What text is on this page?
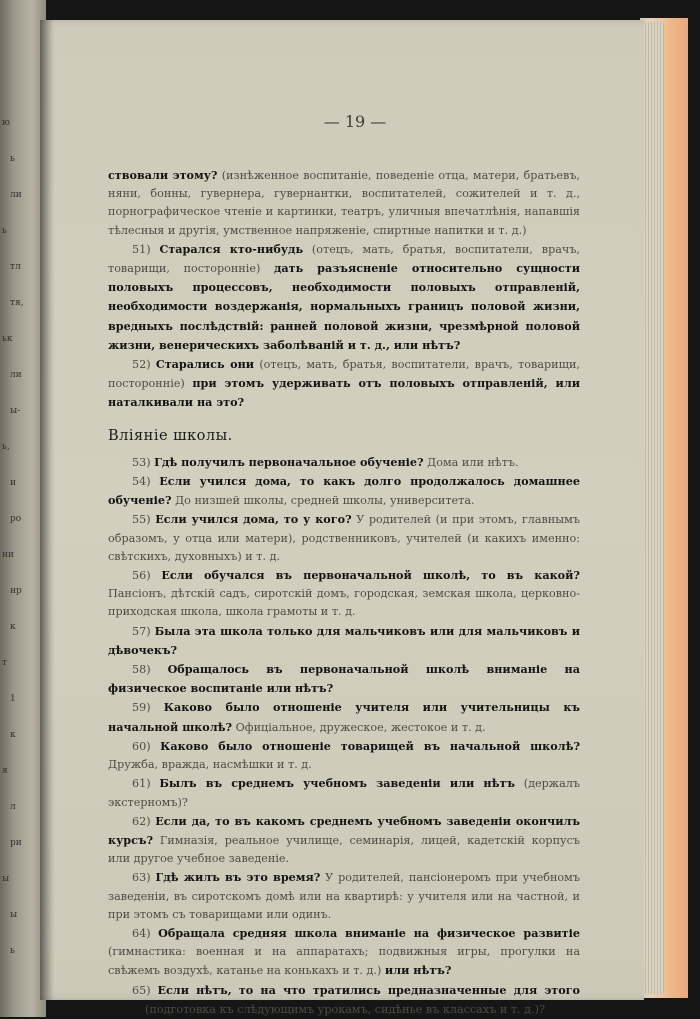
ю
ь
ли
ь
тл
тя,
ьк
ли
ы-
ь,
и
ро
ни
нр
к
т
1
к
я
л
ри
ы
ы
ь
— 19 —

ствовали этому? (изнѣженное воспитаніе, поведеніе отца, матери, братьевъ, няни, бонны, гувернера, гувернантки, воспитателей, сожителей и т. д., порнографическое чтеніе и картинки, театръ, уличныя впечатлѣнія, напавшія тѣлесныя и другія, умственное напряженіе, спиртные напитки и т. д.)

51) Старался кто-нибудь (отецъ, мать, братья, воспитатели, врачъ, товарищи, посторонніе) дать разъясненіе относительно сущности половыхъ процессовъ, необходимости половыхъ отправленій, необходимости воздержанія, нормальныхъ границъ половой жизни, вредныхъ послѣдствій: ранней половой жизни, чрезмѣрной половой жизни, венерическихъ заболѣваній и т. д., или нѣтъ?

52) Старались они (отецъ, мать, братья, воспитатели, врачъ, товарищи, посторонніе) при этомъ удерживать отъ половыхъ отправленій, или наталкивали на это?

Вліяніе школы.

53) Гдѣ получилъ первоначальное обученіе? Дома или нѣтъ.

54) Если учился дома, то какъ долго продолжалось домашнее обученіе? До низшей школы, средней школы, университета.

55) Если учился дома, то у кого? У родителей (и при этомъ, главнымъ образомъ, у отца или матери), родственниковъ, учителей (и какихъ именно: свѣтскихъ, духовныхъ) и т. д.

56) Если обучался въ первоначальной школѣ, то въ какой? Пансіонъ, дѣтскій садъ, сиротскій домъ, городская, земская школа, церковно-приходская школа, школа грамоты и т. д.

57) Была эта школа только для мальчиковъ или для мальчиковъ и дѣвочекъ?

58) Обращалось въ первоначальной школѣ вниманіе на физическое воспитаніе или нѣтъ?

59) Каково было отношеніе учителя или учительницы къ начальной школѣ? Офиціальное, дружеское, жестокое и т. д.

60) Каково было отношеніе товарищей въ начальной школѣ? Дружба, вражда, насмѣшки и т. д.

61) Былъ въ среднемъ учебномъ заведеніи или нѣтъ (держалъ экстерномъ)?

62) Если да, то въ какомъ среднемъ учебномъ заведеніи окончилъ курсъ? Гимназія, реальное училище, семинарія, лицей, кадетскій корпусъ или другое учебное заведеніе.

63) Гдѣ жилъ въ это время? У родителей, пансіонеромъ при учебномъ заведеніи, въ сиротскомъ домѣ или на квартирѣ: у учителя или на частной, и при этомъ съ товарищами или одинъ.

64) Обращала средняя школа вниманіе на физическое развитіе (гимнастика: военная и на аппаратахъ; подвижныя игры, прогулки на свѣжемъ воздухѣ, катанье на конькахъ и т. д.) или нѣтъ?

65) Если нѣтъ, то на что тратились предназначенные для этого часы (подготовка къ слѣдующимъ урокамъ, сидѣнье въ классахъ и т. д.)?
